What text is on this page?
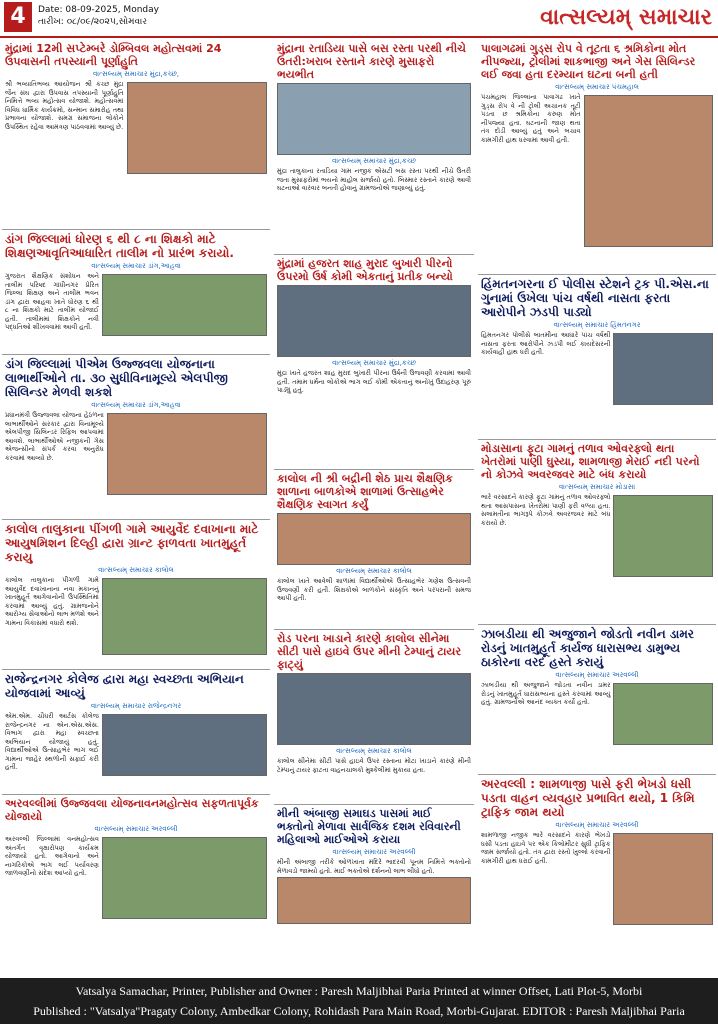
4	Date: 08-09-2025, Monday
તારીખ: ૦૮/૦૯/૨૦૨૫,સોમવાર	વાત્સલ્યમ્ સમાચાર
મુંદ્રામાં 12મી સપ્ટેમ્બરે ડોમ્બિવલ મહોત્સવમાં 24 ઉપવાસની તપસ્યાની પૂર્ણાહુતિ
વાત્સલ્યમ્ સમાચાર મુંદ્રા,કચ્છ,
શ્રી ભવ્યાતિભવ્ય આયોજન શ્રી કચ્છ મુંદ્રા જૈન સંઘ દ્વારા ઉપવાસ તપસ્યાની પૂર્ણાહુતિ નિમિત્તે ભવ્ય મહોત્સવ યોજાશે. મહોત્સવમાં વિવિધ ધાર્મિક કાર્યક્રમો, સન્માન સમારોહ તથા પ્રભાવના યોજાશે. સમગ્ર સમાજના લોકોને ઉપસ્થિત રહેવા આમંત્રણ પાઠવવામાં આવ્યું છે.
ડાંગ જિલ્લામાં ધોરણ ૬ થી ૮ ના શિક્ષકો માટે શિક્ષણઆવૃતિઆધારિત તાલીમ નો પ્રારંભ કરાયો.
વાત્સલ્યમ્ સમાચાર ડાંગ,આહવા
ગુજરાત શૈક્ષણિક સંશોધન અને તાલીમ પરિષદ ગાંધીનગર પ્રેરિત જિલ્લા શિક્ષણ અને તાલીમ ભવન ડાંગ દ્વારા આહવા ખાતે ધોરણ ૬ થી ૮ ના શિક્ષકો માટે તાલીમ યોજાઈ હતી. તાલીમમાં શિક્ષકોને નવી પદ્ધતિઓ શીખવવામાં આવી હતી.
ડાંગ જિલ્લામાં પીએમ ઉજ્જવલા યોજનાના લાભાર્થીઓને તા. ૩૦ સુધીવિનામૂલ્યે એલપીજી સિલિન્ડર મેળવી શકશે
વાત્સલ્યમ્ સમાચાર ડાંગ,આહવા
પ્રધાનમંત્રી ઉજ્જવલા યોજના હેઠળના લાભાર્થીઓને સરકાર દ્વારા વિનામૂલ્યે એલપીજી સિલિન્ડર રિફિલ આપવામાં આવશે. લાભાર્થીઓએ નજીકની ગેસ એજન્સીનો સંપર્ક કરવા અનુરોધ કરવામાં આવ્યો છે.
કાલોલ તાલુકાના પીંગળી ગામે આયુર્વેદ દવાખાના માટે આયુષમિશન દિલ્હી દ્વારા ગ્રાન્ટ ફાળવતા ખાતમુહૂર્ત કરાયુ
વાત્સલ્યમ્ સમાચાર કાલોલ
કાલોલ તાલુકાના પીંગળી ગામે આયુર્વેદ દવાખાનાના નવા મકાનનું ખાતમુહૂર્ત આગેવાનોની ઉપસ્થિતિમાં કરવામાં આવ્યું હતું. ગ્રામજનોને આરોગ્ય સેવાઓનો લાભ મળશે અને ગામના વિકાસમાં વધારો થશે.
રાજેન્દ્રનગર કોલેજ દ્વારા મહા સ્વચ્છતા અભિયાન યોજવામાં આવ્યું
વાત્સલ્યમ્ સમાચાર રાજેન્દ્રનગર
એમ.એમ. ચૌધરી આર્ટસ કોલેજ રાજેન્દ્રનગર ના એન.એસ.એસ. વિભાગ દ્વારા મહા સ્વચ્છતા અભિયાન યોજાયું હતું. વિદ્યાર્થીઓએ ઉત્સાહભેર ભાગ લઈ ગામના જાહેર સ્થળોની સફાઈ કરી હતી.
અરવલ્લીમાં ઉજ્જવલા યોજનાવનમહોત્સવ સફળતાપૂર્વક યોજાયો
વાત્સલ્યમ્ સમાચાર અરવલ્લી
અરવલ્લી જિલ્લામાં વનમહોત્સવ અંતર્ગત વૃક્ષારોપણ કાર્યક્રમ યોજાયો હતો. આગેવાનો અને નાગરિકોએ ભાગ લઈ પર્યાવરણ જાળવણીનો સંદેશ આપ્યો હતો.
મુંદ્રાના રતાડિયા પાસે બસ રસ્તા પરથી નીચે ઉતરી:ખરાબ રસ્તાને કારણે મુસાફરો ભયભીત
વાત્સલ્યમ્ સમાચાર મુંદ્રા,કચ્છ
મુંદ્રા તાલુકાના રતાડિયા ગામ નજીક એસટી બસ રસ્તા પરથી નીચે ઉતરી જતા મુસાફરોમાં ભયનો માહોલ સર્જાયો હતો. બિસ્માર રસ્તાને કારણે આવી ઘટનાઓ વારંવાર બનતી હોવાનું ગ્રામજનોએ જણાવ્યું હતું.
મુંદ્રામાં હજરત શાહ મુરાદ બુખારી પીરનો ઉપરમો ઉર્ષ કોમી એકતાનું પ્રતીક બન્યો
વાત્સલ્યમ્ સમાચાર મુંદ્રા,કચ્છ
મુંદ્રા ખાતે હજરત શાહ મુરાદ બુખારી પીરના ઉર્ષની ઉજવણી કરવામાં આવી હતી. તમામ ધર્મના લોકોએ ભાગ લઈ કોમી એકતાનું અનોખું ઉદાહરણ પૂરું પાડ્યું હતું.
કાલોલ ની શ્રી બદ્રીની શેઠ પ્રાચ શૈક્ષણિક શાળાના બાળકોએ શાળામાં ઉત્સાહભેર શૈક્ષણિક સ્વાગત કર્યું
વાત્સલ્યમ્ સમાચાર કાલોલ
કાલોલ ખાતે આવેલી શાળામાં વિદ્યાર્થીઓએ ઉત્સાહભેર ગણેશ ઉત્સવની ઉજવણી કરી હતી. શિક્ષકોએ બાળકોને સંસ્કૃતિ અને પરંપરાની સમજ આપી હતી.
રોડ પરના ખાડાને કારણે કાલોલ સીનેમા સીટી પાસે હાઇવે ઉપર મીની ટેમ્પાનું ટાયર ફાટ્યું
વાત્સલ્યમ્ સમાચાર કાલોલ
કાલોલ સીનેમા સીટી પાસે હાઇવે ઉપર રસ્તાના મોટા ખાડાને કારણે મીની ટેમ્પાનું ટાયર ફાટતા વાહનચાલકો મુશ્કેલીમાં મુકાયા હતા.
મીની અંબાજી સમાઘડ પાસમાં માઈ ભક્તોનો મેળાવા સાર્વજિક દશમ રવિવારની મહિલાઓ માઈઓએ કરાયા
વાત્સલ્યમ્ સમાચાર અરવલ્લી
મીની અંબાજી તરીકે ઓળખાતા મંદિરે ભાદરવી પૂનમ નિમિત્તે ભક્તોનો મેળાવડો જામ્યો હતો. માઈ ભક્તોએ દર્શનનો લાભ લીધો હતો.
પાલાગઢમાં ગુડ્સ રોપ વે તૂટતા ૬ શ્રમિકોના મોત નીપજ્યા, ટ્રોલીમાં શાકભાજી અને ગેસ સિલિન્ડર લઈ જવા હતા દરમ્યાન ઘટના બની હતી
વાત્સલ્યમ્ સમાચાર પંચમહાલ
પંચમહાલ જિલ્લાના પાવાગઢ ખાતે ગુડ્સ રોપ વે ની ટ્રોલી અચાનક તૂટી પડતા છ શ્રમિકોના કરુણ મોત નીપજ્યા હતા. ઘટનાની જાણ થતા તંત્ર દોડી આવ્યું હતું અને બચાવ કામગીરી હાથ ધરવામાં આવી હતી.
હિંમતનગરના ઈ પોલીસ સ્ટેશને ટ્રક પી.એસ.ના ગુનામાં ઉખેલા પાંચ વર્ષથી નાસતા ફરતા આરોપીને ઝડપી પાડ્યો
વાત્સલ્યમ્ સમાચાર હિંમતનગર
હિંમતનગર પોલીસે બાતમીના આધારે પાંચ વર્ષથી નાસતા ફરતા આરોપીને ઝડપી લઈ કાયદેસરની કાર્યવાહી હાથ ધરી હતી.
મોડાસાના ફૂટા ગામનું તળાવ ઓવરફ્લો થતા ખેતરોમાં પાણી ઘુસ્યા, શામળાજી મેરાઈ નદી પરનો નો કોઝવે અવરજવર માટે બંધ કરાયો
વાત્સલ્યમ્ સમાચાર મોડાસા
ભારે વરસાદને કારણે ફૂટા ગામનું તળાવ ઓવરફ્લો થતા આસપાસના ખેતરોમાં પાણી ફરી વળ્યા હતા. સલામતીના ભાગરૂપે કોઝવે અવરજવર માટે બંધ કરાયો છે.
ઝાબડીયા થી અજુજાને જોડતો નવીન ડામર રોડનું ખાતમુહૂર્ત કાર્યજ ધારાસભ્ય ડામુભ્ય ઠાકોરના વરદ હસ્તે કરાયું
વાત્સલ્યમ્ સમાચાર અરવલ્લી
ઝાબડીયા થી અજુજાને જોડતા નવીન ડામર રોડનું ખાતમુહૂર્ત ધારાસભ્યના હસ્તે કરવામાં આવ્યું હતું. ગ્રામજનોએ આનંદ વ્યક્ત કર્યો હતો.
અરવલ્લી : શામળાજી પાસે ફરી ભેખડો ધસી પડતા વાહન વ્યવહાર પ્રભાવિત થયો, 1 કિમિ ટ્રાફિક જામ થયો
વાત્સલ્યમ્ સમાચાર અરવલ્લી
શામળાજી નજીક ભારે વરસાદને કારણે ભેખડો ધસી પડતા હાઇવે પર એક કિલોમીટર સુધી ટ્રાફિક જામ સર્જાયો હતો. તંત્ર દ્વારા રસ્તો ખુલ્લો કરવાની કામગીરી હાથ ધરાઈ હતી.
Vatsalya Samachar, Printer, Publisher and Owner : Paresh Maljibhai Paria Printed at winner Offset, Lati Plot-5, Morbi
Published : "Vatsalya"Pragaty Colony, Ambedkar Colony, Rohidash Para Main Road, Morbi-Gujarat. EDITOR : Paresh Maljibhai Paria
